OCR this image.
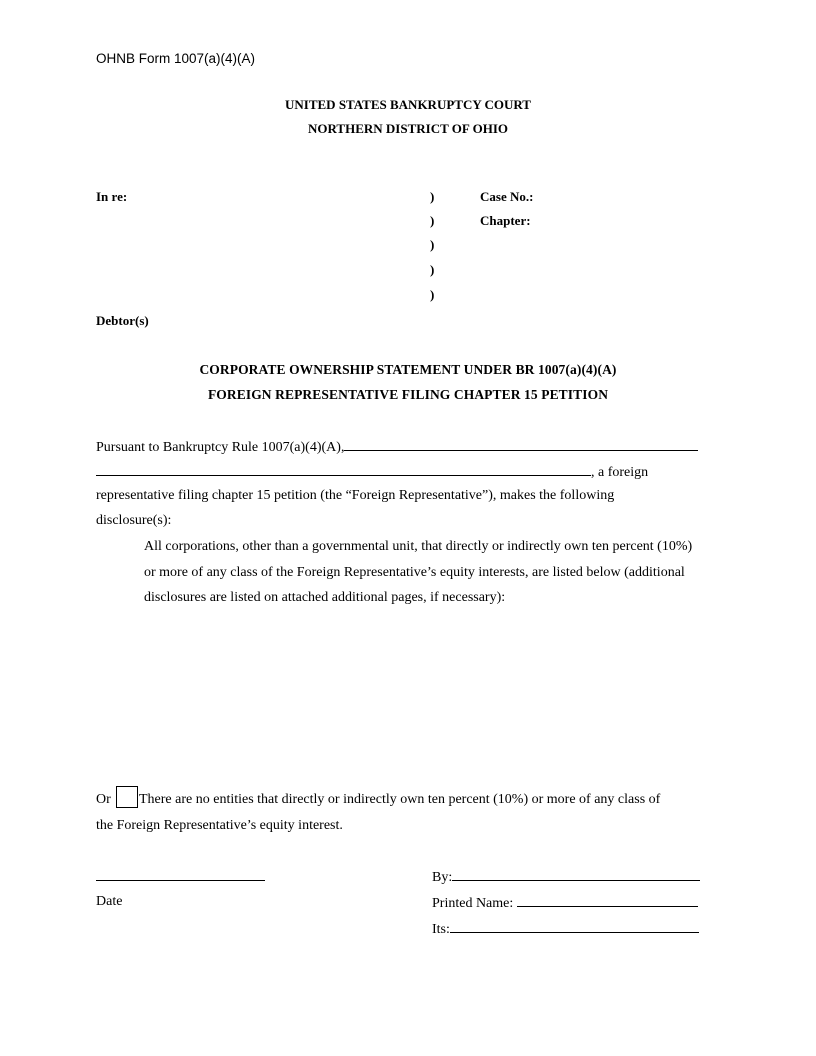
OHNB Form 1007(a)(4)(A)
UNITED STATES BANKRUPTCY COURT
NORTHERN DISTRICT OF OHIO
In re:	)
)
)
)
)
Case No.:
Chapter:
Debtor(s)
CORPORATE OWNERSHIP STATEMENT UNDER BR 1007(a)(4)(A)
FOREIGN REPRESENTATIVE FILING CHAPTER 15 PETITION
Pursuant to Bankruptcy Rule 1007(a)(4)(A),
, a foreign
representative filing chapter 15 petition (the “Foreign Representative”), makes the following
disclosure(s):
All corporations, other than a governmental unit, that directly or indirectly own ten percent (10%)
or more of any class of the Foreign Representative’s equity interests, are listed below (additional
disclosures are listed on attached additional pages, if necessary):
Or There are no entities that directly or indirectly own ten percent (10%) or more of any class of
the Foreign Representative’s equity interest.
Date
By:
Printed Name:
Its:
